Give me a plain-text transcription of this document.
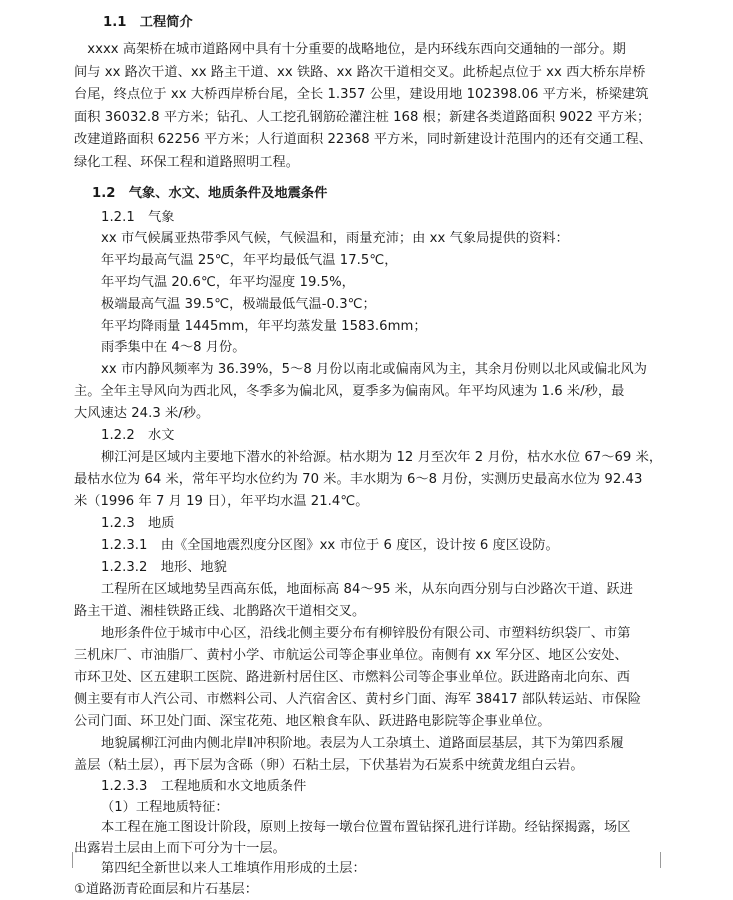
1.1　工程简介
　xxxx 高架桥在城市道路网中具有十分重要的战略地位，是内环线东西向交通轴的一部分。期
间与 xx 路次干道、xx 路主干道、xx 铁路、xx 路次干道相交叉。此桥起点位于 xx 西大桥东岸桥
台尾，终点位于 xx 大桥西岸桥台尾，全长 1.357 公里，建设用地 102398.06 平方米，桥梁建筑
面积 36032.8 平方米；钻孔、人工挖孔钢筋砼灌注桩 168 根；新建各类道路面积 9022 平方米；
改建道路面积 62256 平方米；人行道面积 22368 平方米，同时新建设计范围内的还有交通工程、
绿化工程、环保工程和道路照明工程。
1.2　气象、水文、地质条件及地震条件
1.2.1　气象
xx 市气候属亚热带季风气候，气候温和，雨量充沛；由 xx 气象局提供的资料：
年平均最高气温 25℃，年平均最低气温 17.5℃，
年平均气温 20.6℃，年平均湿度 19.5%，
极端最高气温 39.5℃，极端最低气温-0.3℃；
年平均降雨量 1445mm，年平均蒸发量 1583.6mm；
雨季集中在 4～8 月份。
xx 市内静风频率为 36.39%，5～8 月份以南北或偏南风为主，其余月份则以北风或偏北风为
主。全年主导风向为西北风，冬季多为偏北风，夏季多为偏南风。年平均风速为 1.6 米/秒，最
大风速达 24.3 米/秒。
1.2.2　水文
柳江河是区域内主要地下潜水的补给源。枯水期为 12 月至次年 2 月份，枯水水位 67～69 米，
最枯水位为 64 米，常年平均水位约为 70 米。丰水期为 6～8 月份，实测历史最高水位为 92.43
米（1996 年 7 月 19 日），年平均水温 21.4℃。
1.2.3　地质
1.2.3.1　由《全国地震烈度分区图》xx 市位于 6 度区，设计按 6 度区设防。
1.2.3.2　地形、地貌
工程所在区域地势呈西高东低，地面标高 84～95 米，从东向西分别与白沙路次干道、跃进
路主干道、湘桂铁路正线、北鹊路次干道相交叉。
地形条件位于城市中心区，沿线北侧主要分布有柳锌股份有限公司、市塑料纺织袋厂、市第
三机床厂、市油脂厂、黄村小学、市航运公司等企事业单位。南侧有 xx 军分区、地区公安处、
市环卫处、区五建职工医院、路进新村居住区、市燃料公司等企事业单位。跃进路南北向东、西
侧主要有市人汽公司、市燃料公司、人汽宿舍区、黄村乡门面、海军 38417 部队转运站、市保险
公司门面、环卫处门面、深宝花苑、地区粮食车队、跃进路电影院等企事业单位。
地貌属柳江河曲内侧北岸Ⅱ冲积阶地。表层为人工杂填土、道路面层基层，其下为第四系履
盖层（粘土层），再下层为含砾（卵）石粘土层，下伏基岩为石炭系中统黄龙组白云岩。
1.2.3.3　工程地质和水文地质条件
（1）工程地质特征：
本工程在施工图设计阶段，原则上按每一墩台位置布置钻探孔进行详勘。经钻探揭露，场区
出露岩土层由上而下可分为十一层。
第四纪全新世以来人工堆填作用形成的土层：
①道路沥青砼面层和片石基层：
